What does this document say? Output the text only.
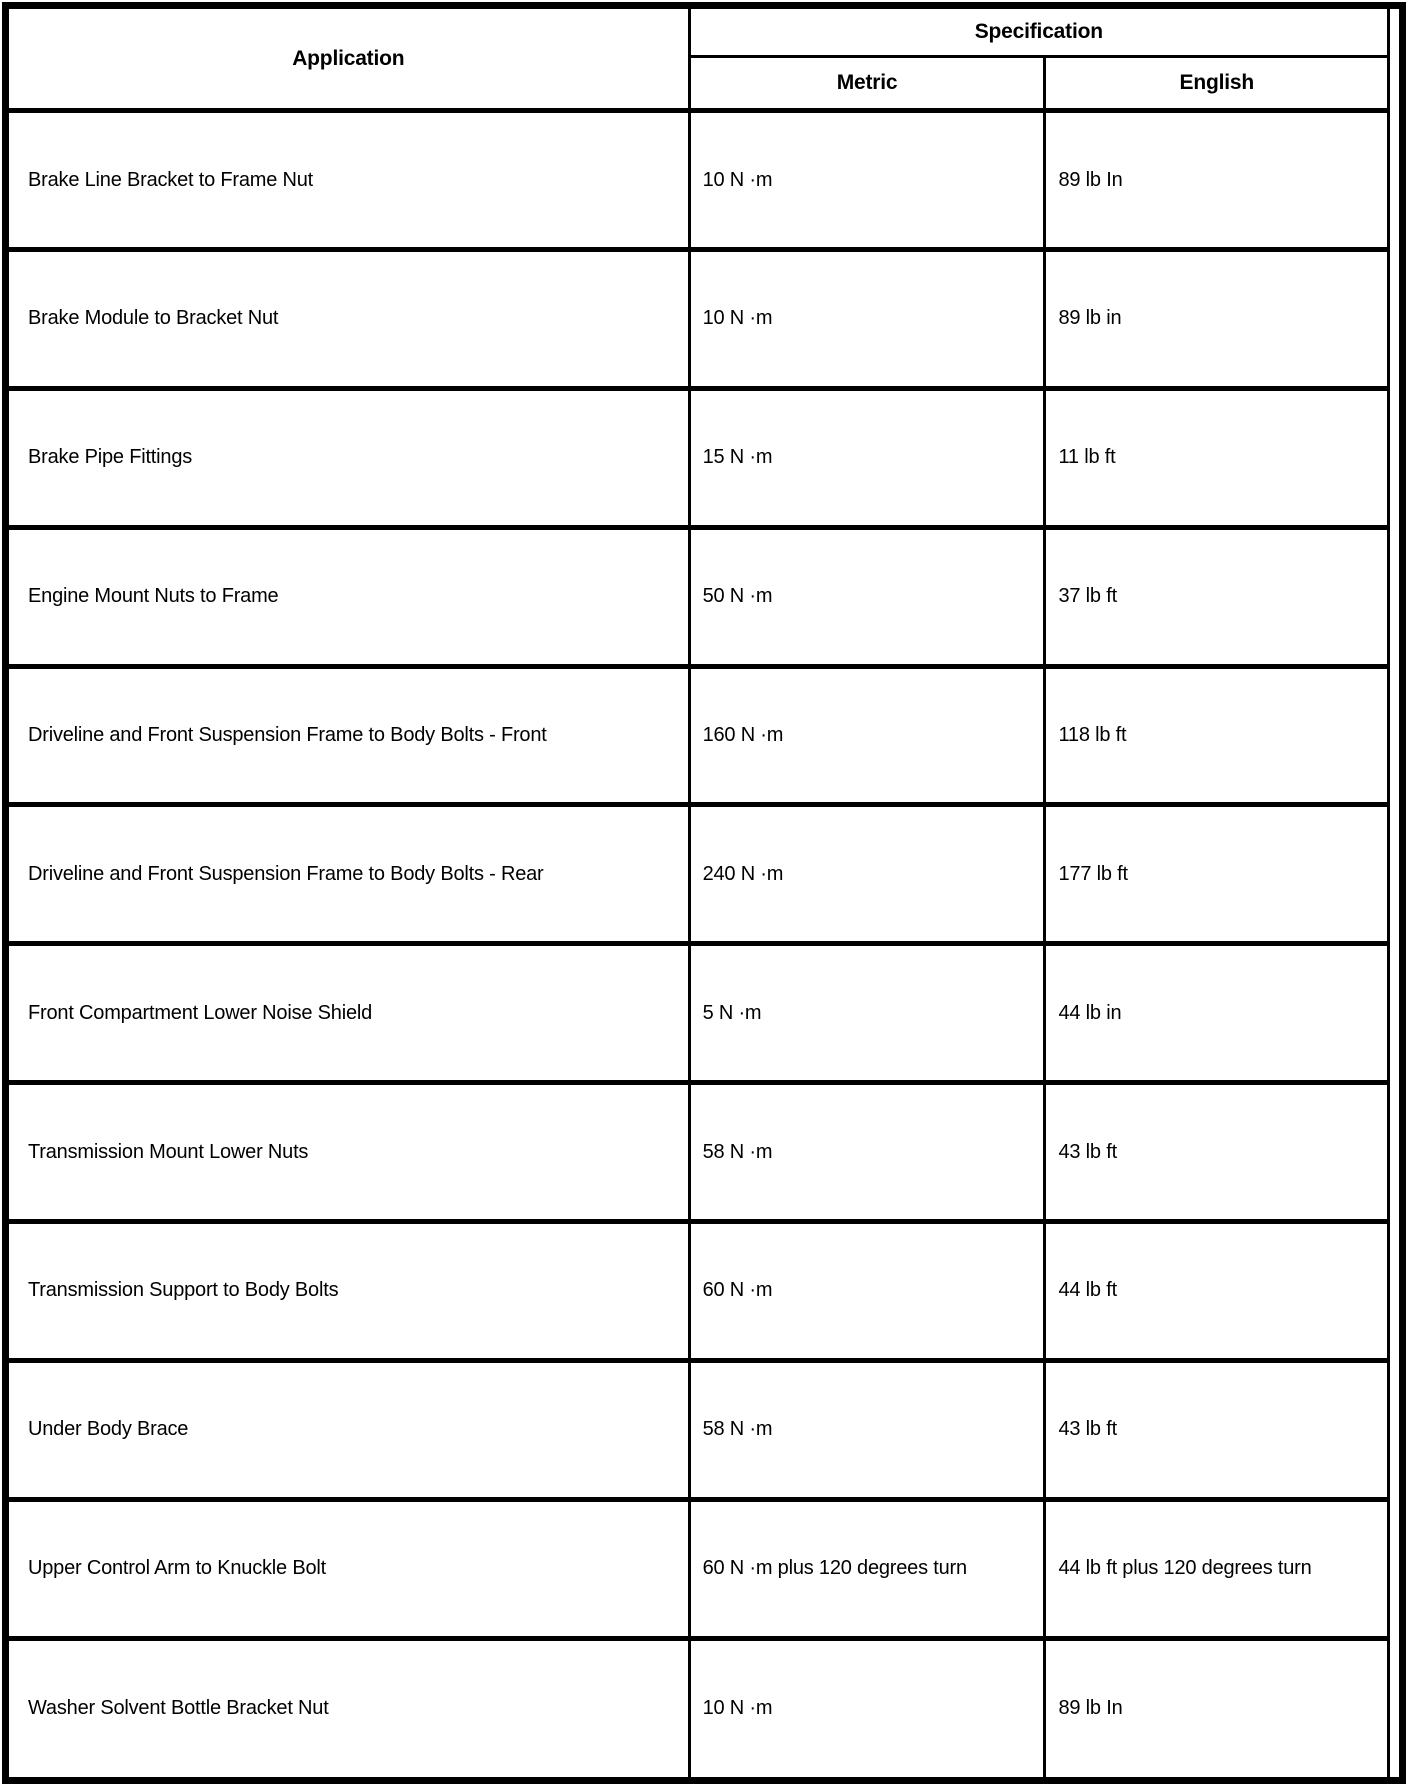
Application	Specification	
	Metric	English
Brake Line Bracket to Frame Nut	10 N ·m	89 lb In
Brake Module to Bracket Nut	10 N ·m	89 lb in
Brake Pipe Fittings	15 N ·m	11 lb ft
Engine Mount Nuts to Frame	50 N ·m	37 lb ft
Driveline and Front Suspension Frame to Body Bolts - Front	160 N ·m	118 lb ft
Driveline and Front Suspension Frame to Body Bolts - Rear	240 N ·m	177 lb ft
Front Compartment Lower Noise Shield	5 N ·m	44 lb in
Transmission Mount Lower Nuts	58 N ·m	43 lb ft
Transmission Support to Body Bolts	60 N ·m	44 lb ft
Under Body Brace	58 N ·m	43 lb ft
Upper Control Arm to Knuckle Bolt	60 N ·m plus 120 degrees turn	44 lb ft plus 120 degrees turn
Washer Solvent Bottle Bracket Nut	10 N ·m	89 lb In
